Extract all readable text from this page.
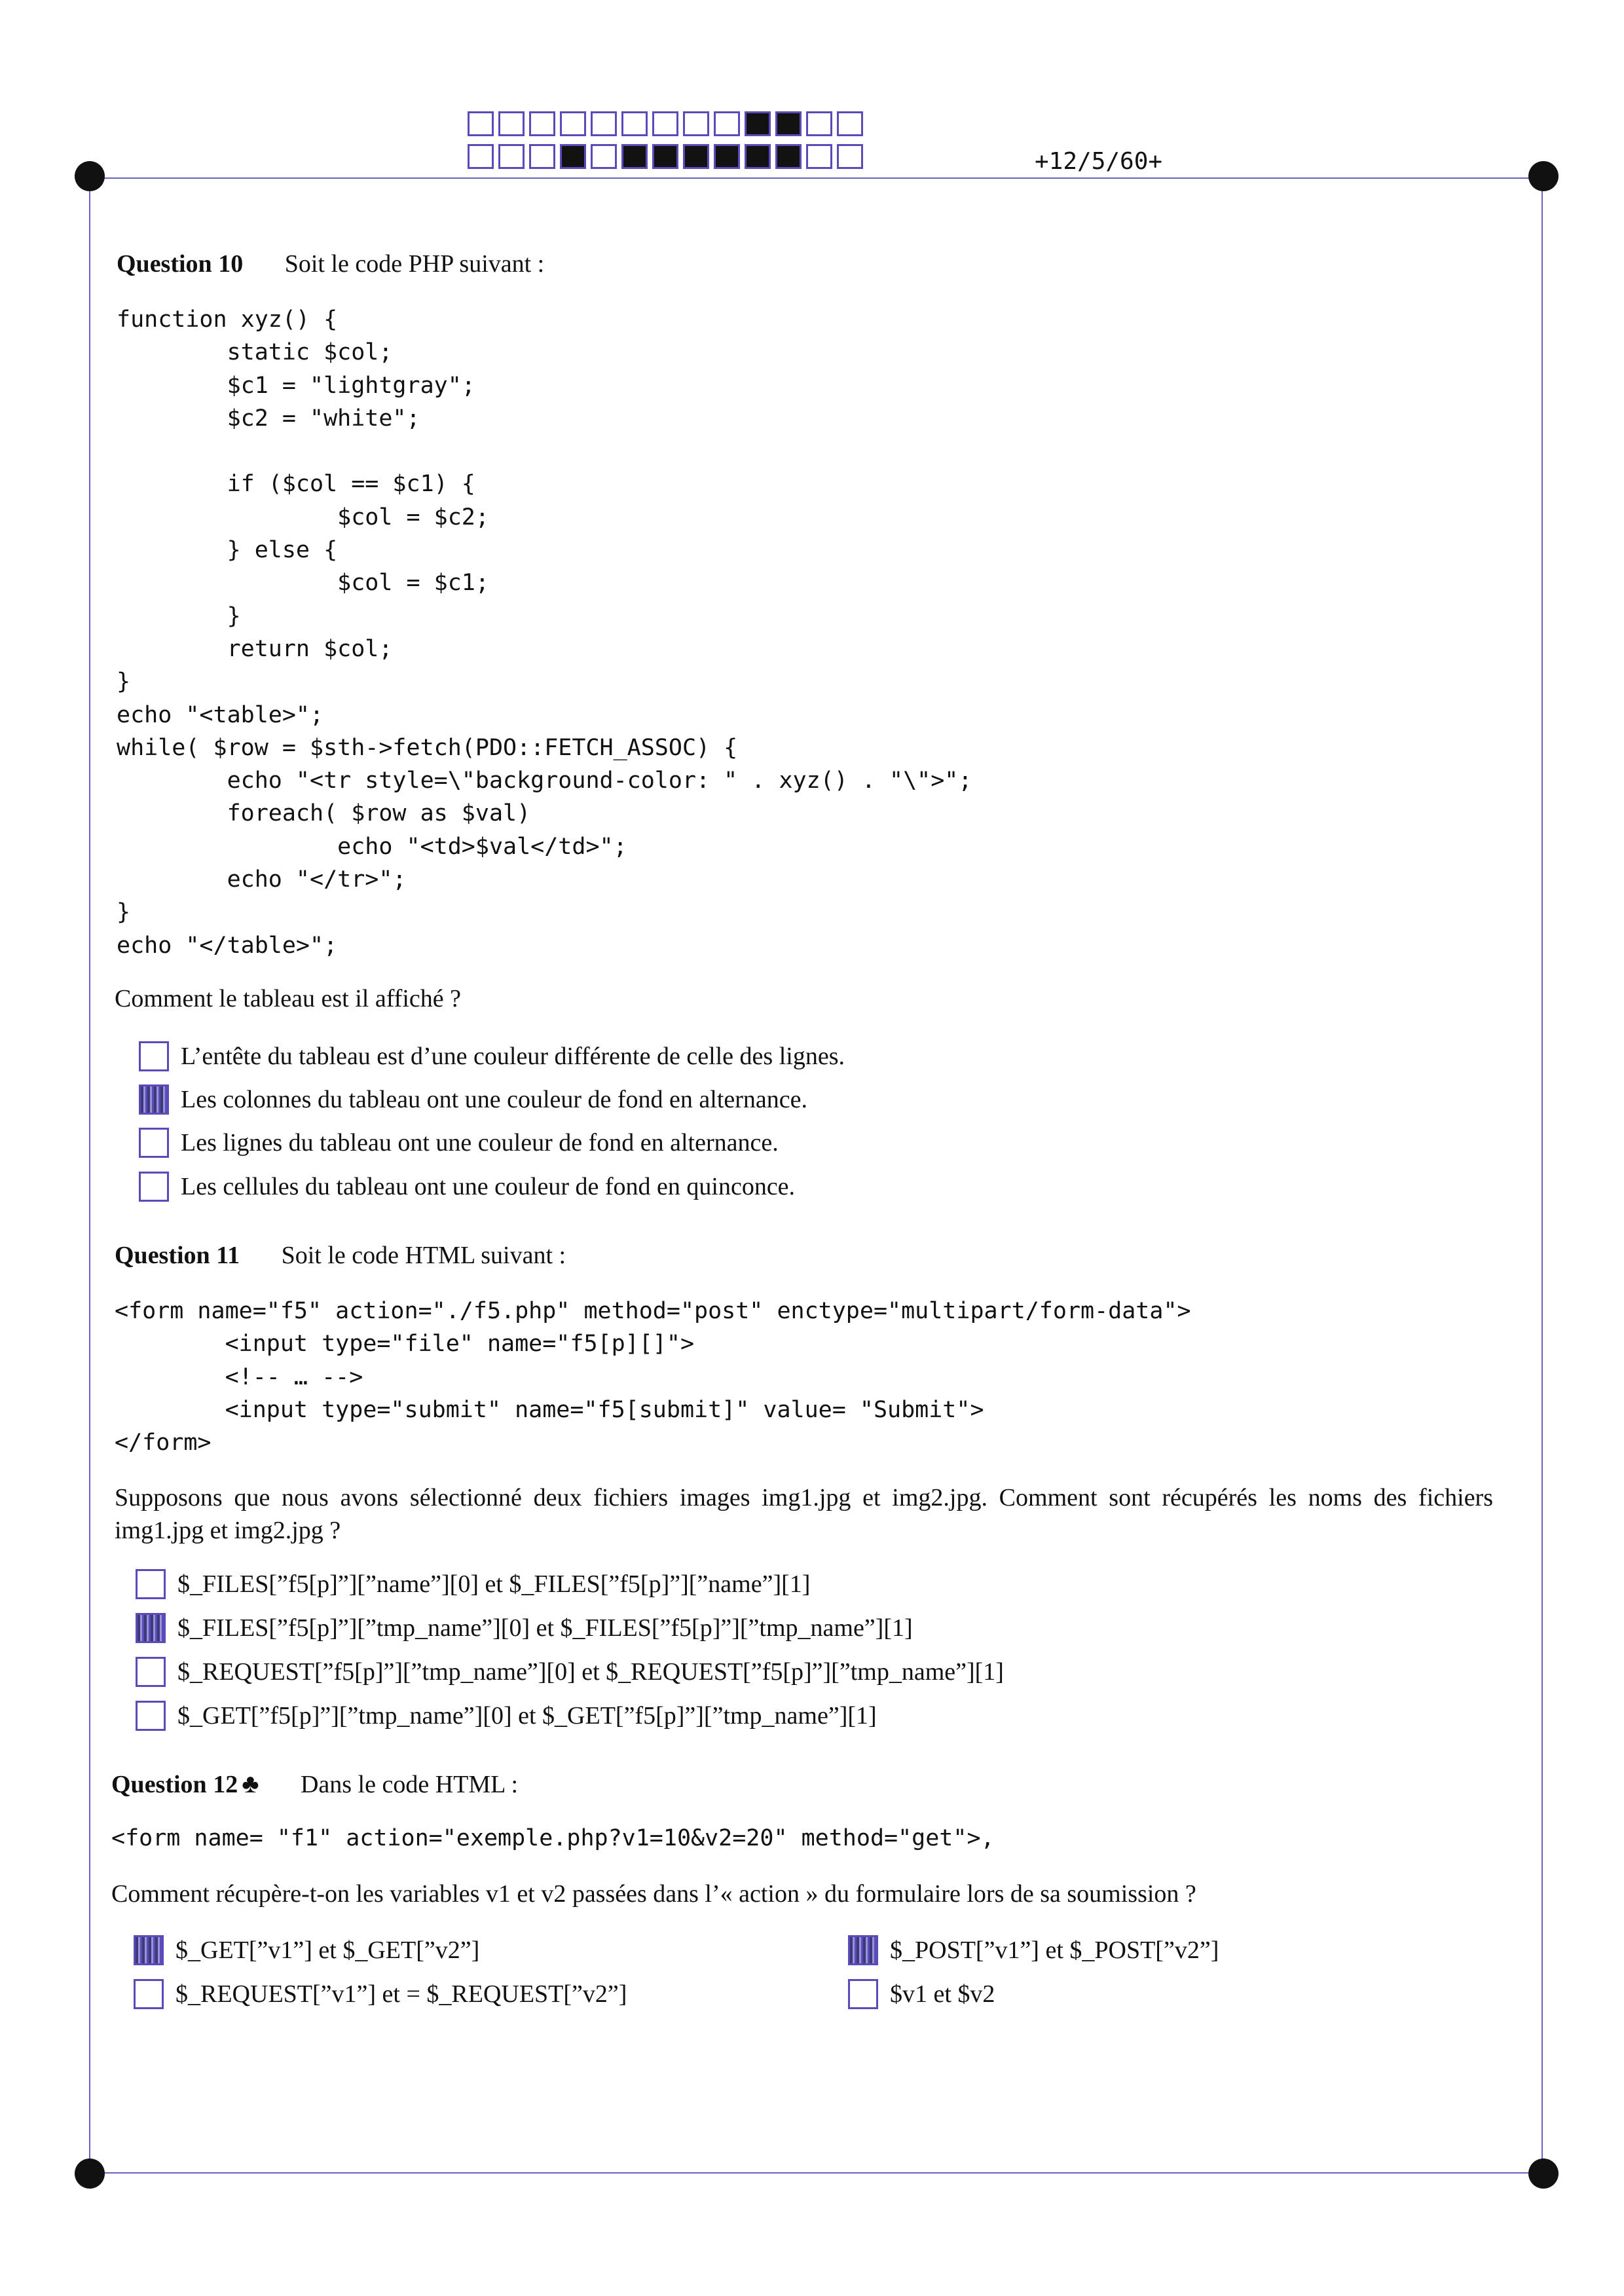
+12/5/60+
Question 10 Soit le code PHP suivant :
function xyz() {
static $col;
$c1 = "lightgray";
$c2 = "white";

if ($col == $c1) {
$col = $c2;
} else {
$col = $c1;
}
return $col;
}
echo "<table>";
while( $row = $sth->fetch(PDO::FETCH_ASSOC) {
echo "<tr style=\"background-color: " . xyz() . "\">";
foreach( $row as $val)
echo "<td>$val</td>";
echo "</tr>";
}
echo "</table>";
Comment le tableau est il affiché ?
L’entête du tableau est d’une couleur différente de celle des lignes.
Les colonnes du tableau ont une couleur de fond en alternance.
Les lignes du tableau ont une couleur de fond en alternance.
Les cellules du tableau ont une couleur de fond en quinconce.
Question 11 Soit le code HTML suivant :
<form name="f5" action="./f5.php" method="post" enctype="multipart/form-data">
<input type="file" name="f5[p][]">
<!-- … -->
<input type="submit" name="f5[submit]" value= "Submit">
</form>
Supposons que nous avons sélectionné deux fichiers images img1.jpg et img2.jpg. Comment sont récupérés les noms des fichiers img1.jpg et img2.jpg ?
$_FILES[”f5[p]”][”name”][0] et $_FILES[”f5[p]”][”name”][1]
$_FILES[”f5[p]”][”tmp_name”][0] et $_FILES[”f5[p]”][”tmp_name”][1]
$_REQUEST[”f5[p]”][”tmp_name”][0] et $_REQUEST[”f5[p]”][”tmp_name”][1]
$_GET[”f5[p]”][”tmp_name”][0] et $_GET[”f5[p]”][”tmp_name”][1]
Question 12 ♣ Dans le code HTML :
<form name= "f1" action="exemple.php?v1=10&v2=20" method="get">,
Comment récupère-t-on les variables v1 et v2 passées dans l’« action » du formulaire lors de sa soumission ?
$_GET[”v1”] et $_GET[”v2”]	$_POST[”v1”] et $_POST[”v2”]
$_REQUEST[”v1”] et = $_REQUEST[”v2”]	$v1 et $v2
